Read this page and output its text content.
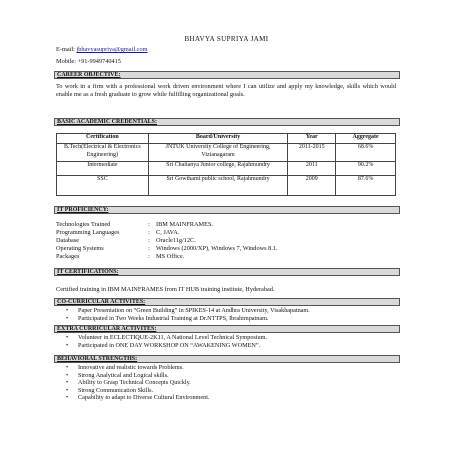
BHAVYA SUPRIYA JAMI
E-mail: jbhavyasupriya@gmail.com
Mobile: +91-9949740415
CAREER OBJECTIVE:
To work in a firm with a professional work driven environment where I can utilize and apply my knowledge, skills which would enable me as a fresh graduate to grow while fulfilling organizational goals.
BASIC ACADEMIC CREDENTIALS:
Certification	Board/University	Year	Aggregate
B.Tech(Electrical & Electronics Engineering)	JNTUK University College of Engineering, Vizianagaram	2011-2015	68.6%
Intermediate	Sri Chaitanya Junior college, Rajahmundry	2011	90.2%
SSC	Sri Gowthami public school, Rajahmundry	2009	87.6%
IT PROFICIENCY:
Technologies Trained	: IBM MAINFRAMES.
Programming Languages	: C, JAVA.
Database	: Oracle11g/12C.
Operating Systems	: Windows (2000/XP), Windows 7, Windows 8.1.
Packages	: MS Office.
IT CERTIFICATIONS:
Certified training in IBM MAINFRAMES from IT HUB training institute, Hyderabad.
CO-CURRICULAR ACTIVITES:
• Paper Presentation on “Green Building” in SPIKES-14 at Andhra University, Visakhapatnam.
• Participated in Two Weeks Industrial Training at Dr.NTTPS, Ibrahimpatnam.
EXTRA CURRICULAR ACTIVITES:
• Volunteer in ECLECTIQUE-2K11, A National Level Technical Symposium.
• Participated in ONE DAY WORKSHOP ON “AWAKENING WOMEN”.
BEHAVIORAL STRENGTHS:
• Innovative and realistic towards Problems.
• Strong Analytical and Logical skills.
• Ability to Grasp Technical Concepts Quickly.
• Strong Communication Skills.
• Capability to adapt to Diverse Cultural Environment.
